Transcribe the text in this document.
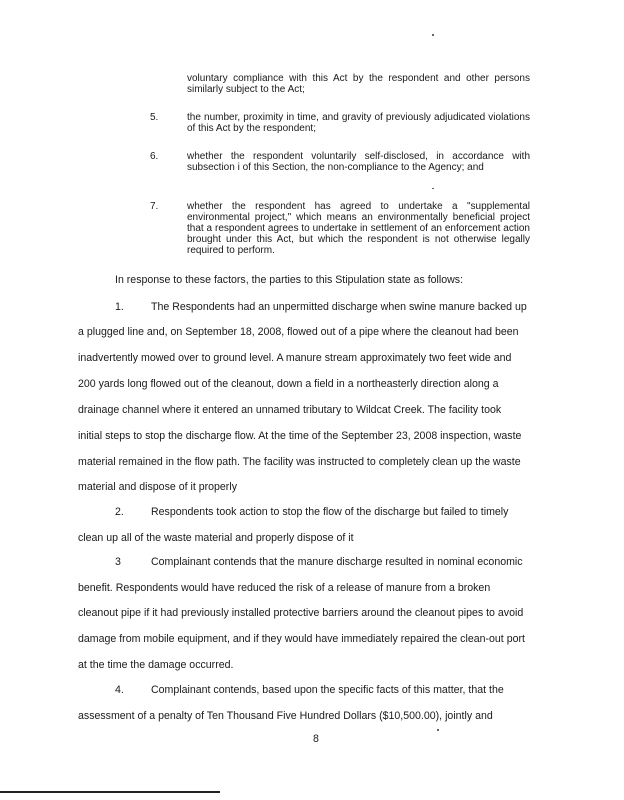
voluntary compliance with this Act by the respondent and other persons similarly subject to the Act;
5.	the number, proximity in time, and gravity of previously adjudicated violations of this Act by the respondent;
6.	whether the respondent voluntarily self-disclosed, in accordance with subsection i of this Section, the non-compliance to the Agency; and
7.	whether the respondent has agreed to undertake a "supplemental environmental project," which means an environmentally beneficial project that a respondent agrees to undertake in settlement of an enforcement action brought under this Act, but which the respondent is not otherwise legally required to perform.
In response to these factors, the parties to this Stipulation state as follows:
1.	The Respondents had an unpermitted discharge when swine manure backed up
a plugged line and, on September 18, 2008, flowed out of a pipe where the cleanout had been
inadvertently mowed over to ground level. A manure stream approximately two feet wide and
200 yards long flowed out of the cleanout, down a field in a northeasterly direction along a
drainage channel where it entered an unnamed tributary to Wildcat Creek. The facility took
initial steps to stop the discharge flow. At the time of the September 23, 2008 inspection, waste
material remained in the flow path. The facility was instructed to completely clean up the waste
material and dispose of it properly
2.	Respondents took action to stop the flow of the discharge but failed to timely
clean up all of the waste material and properly dispose of it
3	Complainant contends that the manure discharge resulted in nominal economic
benefit. Respondents would have reduced the risk of a release of manure from a broken
cleanout pipe if it had previously installed protective barriers around the cleanout pipes to avoid
damage from mobile equipment, and if they would have immediately repaired the clean-out port
at the time the damage occurred.
4.	Complainant contends, based upon the specific facts of this matter, that the
assessment of a penalty of Ten Thousand Five Hundred Dollars ($10,500.00), jointly and
8
